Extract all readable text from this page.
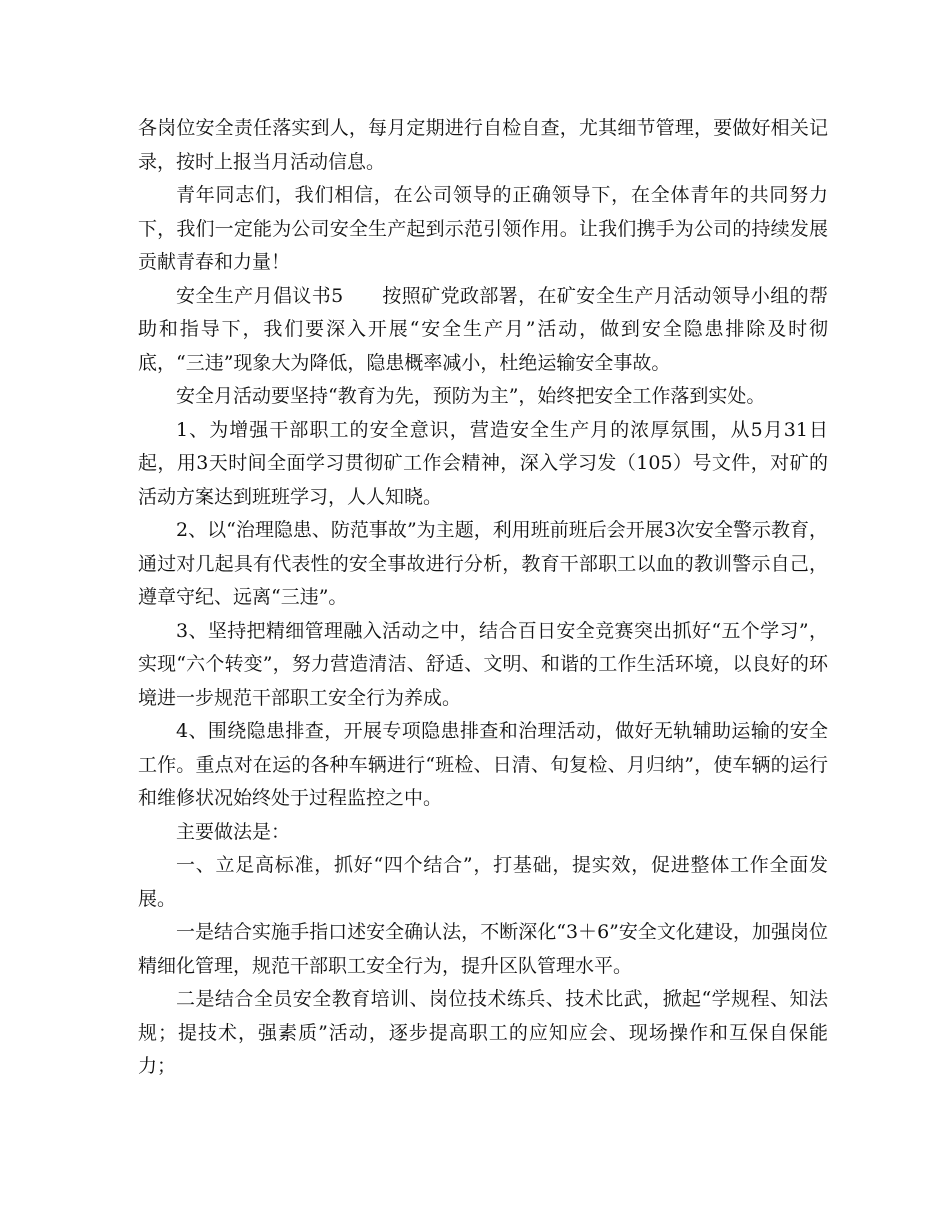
各岗位安全责任落实到人，每月定期进行自检自查，尤其细节管理，要做好相关记录，按时上报当月活动信息。

青年同志们，我们相信，在公司领导的正确领导下，在全体青年的共同努力下，我们一定能为公司安全生产起到示范引领作用。让我们携手为公司的持续发展贡献青春和力量！

安全生产月倡议书5　　按照矿党政部署，在矿安全生产月活动领导小组的帮助和指导下，我们要深入开展“安全生产月”活动，做到安全隐患排除及时彻底，“三违”现象大为降低，隐患概率减小，杜绝运输安全事故。

安全月活动要坚持“教育为先，预防为主”，始终把安全工作落到实处。

1、为增强干部职工的安全意识，营造安全生产月的浓厚氛围，从5月31日起，用3天时间全面学习贯彻矿工作会精神，深入学习发（105）号文件，对矿的活动方案达到班班学习，人人知晓。

2、以“治理隐患、防范事故”为主题，利用班前班后会开展3次安全警示教育，通过对几起具有代表性的安全事故进行分析，教育干部职工以血的教训警示自己，遵章守纪、远离“三违”。

3、坚持把精细管理融入活动之中，结合百日安全竞赛突出抓好“五个学习”，实现“六个转变”，努力营造清洁、舒适、文明、和谐的工作生活环境，以良好的环境进一步规范干部职工安全行为养成。

4、围绕隐患排查，开展专项隐患排查和治理活动，做好无轨辅助运输的安全工作。重点对在运的各种车辆进行“班检、日清、旬复检、月归纳”，使车辆的运行和维修状况始终处于过程监控之中。

主要做法是：

一、立足高标准，抓好“四个结合”，打基础，提实效，促进整体工作全面发展。

一是结合实施手指口述安全确认法，不断深化“3＋6”安全文化建设，加强岗位精细化管理，规范干部职工安全行为，提升区队管理水平。

二是结合全员安全教育培训、岗位技术练兵、技术比武，掀起“学规程、知法规；提技术，强素质”活动，逐步提高职工的应知应会、现场操作和互保自保能力；
